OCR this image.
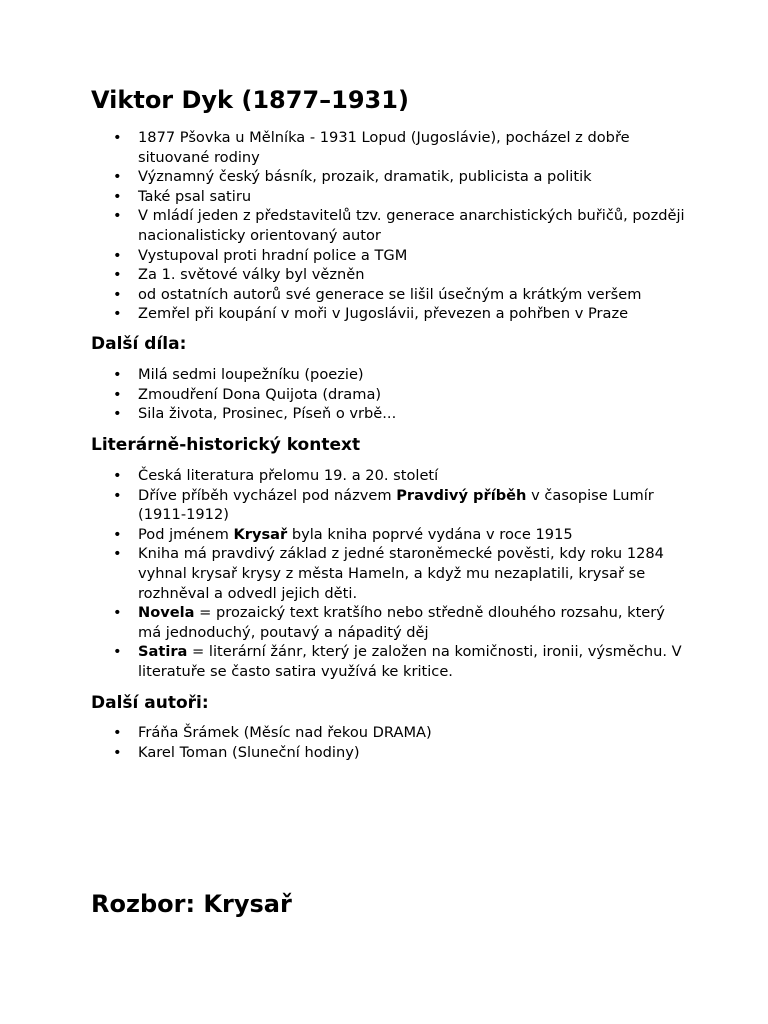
Viktor Dyk (1877–1931)
• 1877 Pšovka u Mělníka - 1931 Lopud (Jugoslávie), pocházel z dobře situované rodiny
• Významný český básník, prozaik, dramatik, publicista a politik
• Také psal satiru
• V mládí jeden z představitelů tzv. generace anarchistických buřičů, později nacionalisticky orientovaný autor
• Vystupoval proti hradní police a TGM
• Za 1. světové války byl vězněn
• od ostatních autorů své generace se lišil úsečným a krátkým veršem
• Zemřel při koupání v moři v Jugoslávii, převezen a pohřben v Praze
Další díla:
• Milá sedmi loupežníku (poezie)
• Zmoudření Dona Quijota (drama)
• Sila života, Prosinec, Píseň o vrbě...
Literárně-historický kontext
• Česká literatura přelomu 19. a 20. století
• Dříve příběh vycházel pod názvem Pravdivý příběh v časopise Lumír (1911-1912)
• Pod jménem Krysař byla kniha poprvé vydána v roce 1915
• Kniha má pravdivý základ z jedné staroněmecké pověsti, kdy roku 1284 vyhnal krysař krysy z města Hameln, a když mu nezaplatili, krysař se rozhněval a odvedl jejich děti.
• Novela = prozaický text kratšího nebo středně dlouhého rozsahu, který má jednoduchý, poutavý a nápaditý děj
• Satira = literární žánr, který je založen na komičnosti, ironii, výsměchu. V literatuře se často satira využívá ke kritice.
Další autoři:
• Fráňa Šrámek (Měsíc nad řekou DRAMA)
• Karel Toman (Sluneční hodiny)
Rozbor: Krysař
